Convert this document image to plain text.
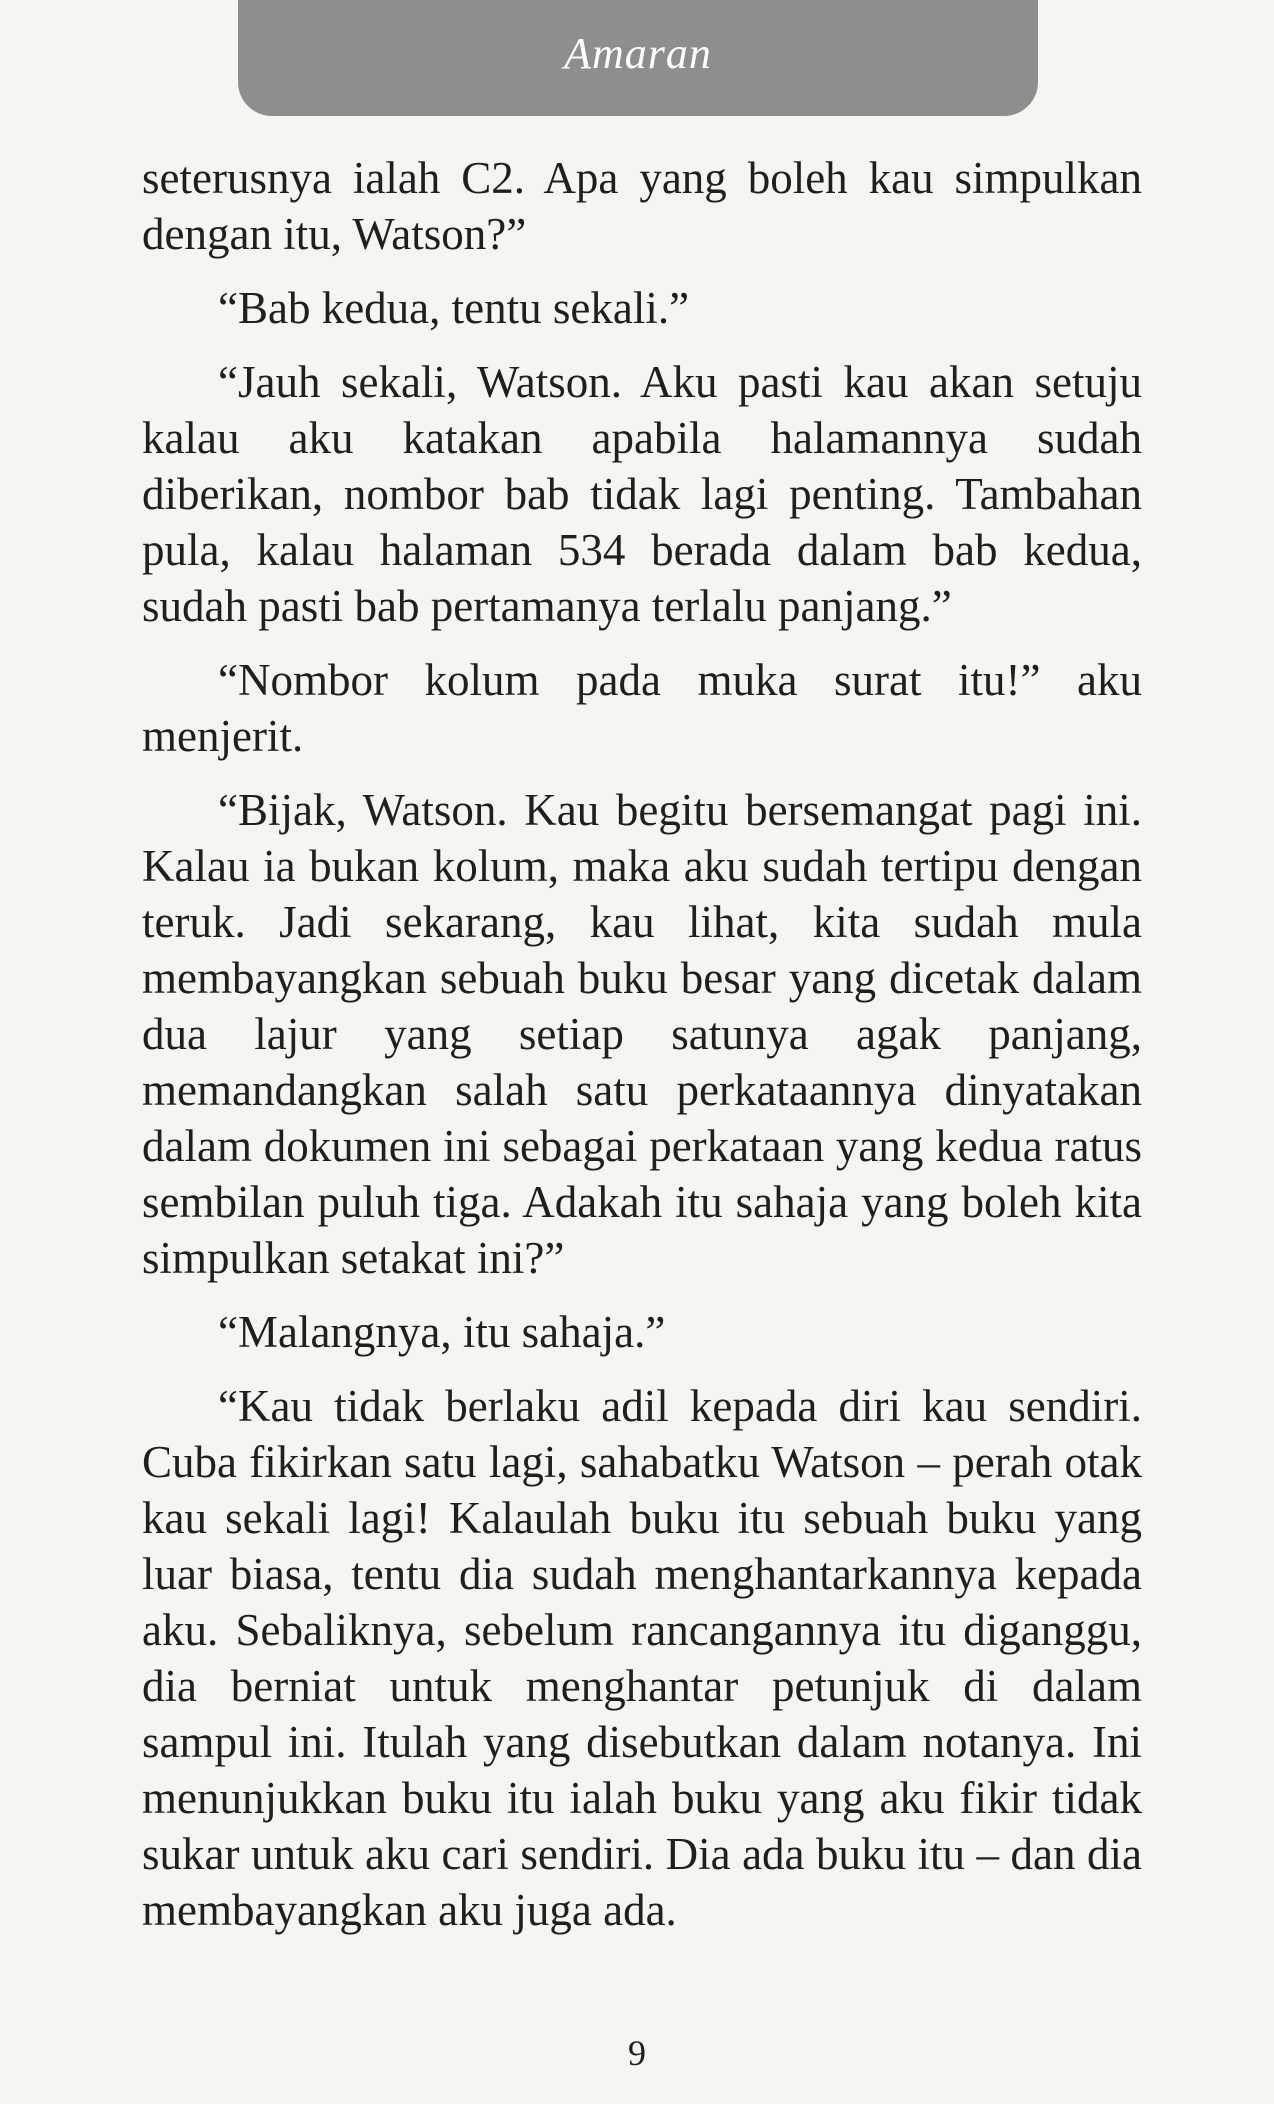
Amaran

seterusnya ialah C2. Apa yang boleh kau simpulkan dengan itu, Watson?”

“Bab kedua, tentu sekali.”

“Jauh sekali, Watson. Aku pasti kau akan setuju kalau aku katakan apabila halamannya sudah diberikan, nombor bab tidak lagi penting. Tambahan pula, kalau halaman 534 berada dalam bab kedua, sudah pasti bab pertamanya terlalu panjang.”

“Nombor kolum pada muka surat itu!” aku menjerit.

“Bijak, Watson. Kau begitu bersemangat pagi ini. Kalau ia bukan kolum, maka aku sudah tertipu dengan teruk. Jadi sekarang, kau lihat, kita sudah mula membayangkan sebuah buku besar yang dicetak dalam dua lajur yang setiap satunya agak panjang, memandangkan salah satu perkataannya dinyatakan dalam dokumen ini sebagai perkataan yang kedua ratus sembilan puluh tiga. Adakah itu sahaja yang boleh kita simpulkan setakat ini?”

“Malangnya, itu sahaja.”

“Kau tidak berlaku adil kepada diri kau sendiri. Cuba fikirkan satu lagi, sahabatku Watson – perah otak kau sekali lagi! Kalaulah buku itu sebuah buku yang luar biasa, tentu dia sudah menghantarkannya kepada aku. Sebaliknya, sebelum rancangannya itu diganggu, dia berniat untuk menghantar petunjuk di dalam sampul ini. Itulah yang disebutkan dalam notanya. Ini menunjukkan buku itu ialah buku yang aku fikir tidak sukar untuk aku cari sendiri. Dia ada buku itu – dan dia membayangkan aku juga ada.

9
